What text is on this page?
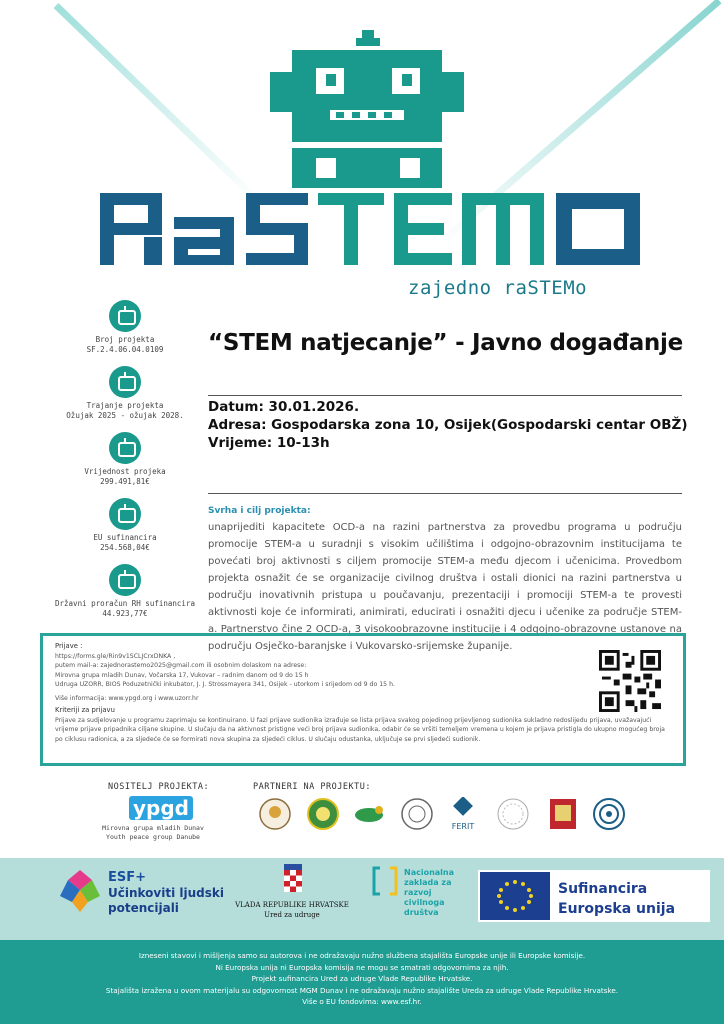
zajedno raSTEMo
Broj projekta
SF.2.4.06.04.0109
Trajanje projekta
Ožujak 2025 - ožujak 2028.
Vrijednost projeka
299.491,81€
EU sufinancira
254.568,04€
Državni proračun RH sufinancira
44.923,77€
“STEM natjecanje” - Javno događanje
Datum: 30.01.2026.
Adresa: Gospodarska zona 10, Osijek(Gospodarski centar OBŽ)
Vrijeme: 10-13h
Svrha i cilj projekta:
unaprijediti kapacitete OCD-a na razini partnerstva za provedbu programa u području promocije STEM-a u suradnji s visokim učilištima i odgojno-obrazovnim institucijama te povećati broj aktivnosti s ciljem promocije STEM-a među djecom i učenicima. Provedbom projekta osnažit će se organizacije civilnog društva i ostali dionici na razini partnerstva u području inovativnih pristupa u poučavanju, prezentaciji i promociji STEM-a te provesti aktivnosti koje će informirati, animirati, educirati i osnažiti djecu i učenike za područje STEM-a. Partnerstvo čine 2 OCD-a, 3 visokoobrazovne institucije i 4 odgojno-obrazovne ustanove na području Osječko-baranjske i Vukovarsko-srijemske županije.
Prijave :
https://forms.gle/Rin9v1SCLJCrxDNKA ,
putem mail-a: zajednorastemo2025@gmail.com ili osobnim dolaskom na adrese:
Mirovna grupa mladih Dunav, Vočarska 17, Vukovar – radnim danom od 9 do 15 h
Udruga UZORR, BIOS Poduzetnički inkubator, J. J. Strossmayera 341, Osijek - utorkom i srijedom od 9 do 15 h.
Više informacija: www.ypgd.org i www.uzorr.hr
Kriteriji za prijavu
Prijave za sudjelovanje u programu zaprimaju se kontinuirano. U fazi prijave sudionika izrađuje se lista prijava svakog pojedinog prijevljenog sudionika sukladno redoslijedu prijava, uvažavajući vrijeme prijave pripadnika ciljane skupine. U slučaju da na aktivnost pristigne veći broj prijava sudionika, odabir će se vršiti temeljem vremena u kojem je prijava pristigla do ukupno mogućeg broja po ciklusu radionica, a za sljedeće će se formirati nova skupina za sljedeći ciklus. U slučaju odustanka, uključuje se prvi sljedeći sudionik.
NOSITELJ PROJEKTA:	PARTNERI NA PROJEKTU:
ypgd
Mirovna grupa mladih Dunav
Youth peace group Danube
FERIT
ESF+
Učinkoviti ljudski
potencijali	VLADA REPUBLIKE HRVATSKE
Ured za udruge
Nacionalna
zaklada za
razvoj
civilnoga
društva
Sufinancira
Europska unija
Izneseni stavovi i mišljenja samo su autorova i ne odražavaju nužno službena stajališta Europske unije ili Europske komisije.
Ni Europska unija ni Europska komisija ne mogu se smatrati odgovornima za njih.
Projekt sufinancira Ured za udruge Vlade Republike Hrvatske.
Stajališta izražena u ovom materijalu su odgovornost MGM Dunav i ne odražavaju nužno stajalište Ureda za udruge Vlade Republike Hrvatske.
Više o EU fondovima: www.esf.hr.
